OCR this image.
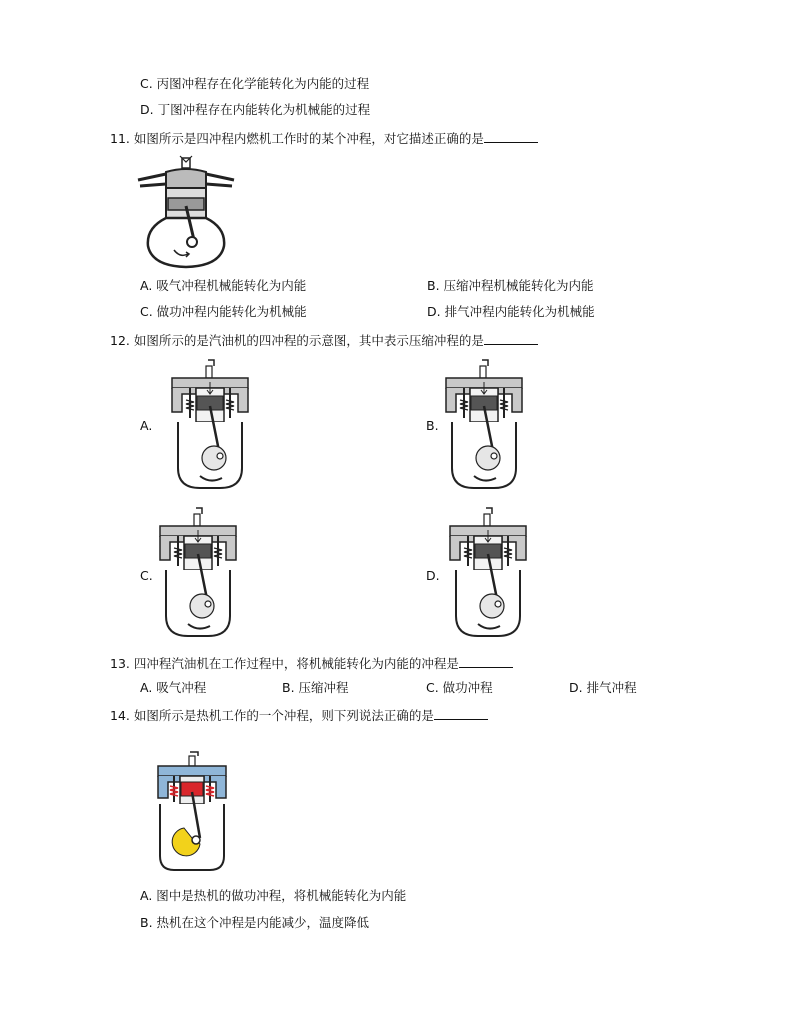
C. 丙图冲程存在化学能转化为内能的过程
D. 丁图冲程存在内能转化为机械能的过程
11. 如图所示是四冲程内燃机工作时的某个冲程，对它描述正确的是
A. 吸气冲程机械能转化为内能	B. 压缩冲程机械能转化为内能
C. 做功冲程内能转化为机械能	D. 排气冲程内能转化为机械能
12. 如图所示的是汽油机的四冲程的示意图，其中表示压缩冲程的是
A.	B.
C.	D.
13. 四冲程汽油机在工作过程中，将机械能转化为内能的冲程是
A. 吸气冲程	B. 压缩冲程	C. 做功冲程	D. 排气冲程
14. 如图所示是热机工作的一个冲程，则下列说法正确的是
A. 图中是热机的做功冲程，将机械能转化为内能
B. 热机在这个冲程是内能减少，温度降低
